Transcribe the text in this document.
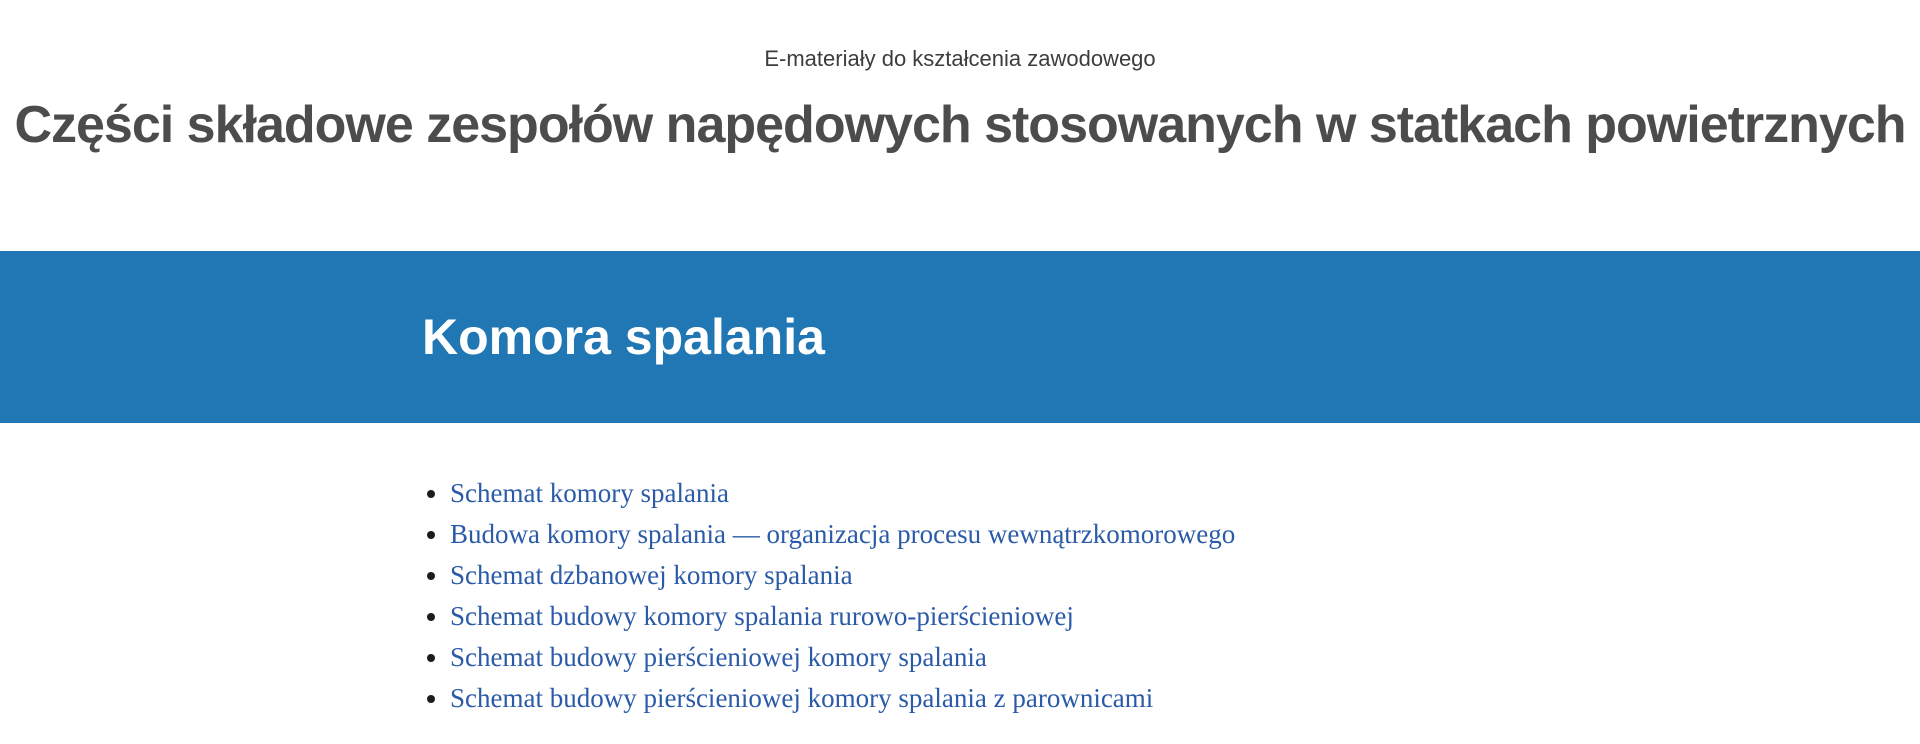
E-materiały do kształcenia zawodowego
Części składowe zespołów napędowych stosowanych w statkach powietrznych
Komora spalania
• Schemat komory spalania
• Budowa komory spalania — organizacja procesu wewnątrzkomorowego
• Schemat dzbanowej komory spalania
• Schemat budowy komory spalania rurowo-pierścieniowej
• Schemat budowy pierścieniowej komory spalania
• Schemat budowy pierścieniowej komory spalania z parownicami
